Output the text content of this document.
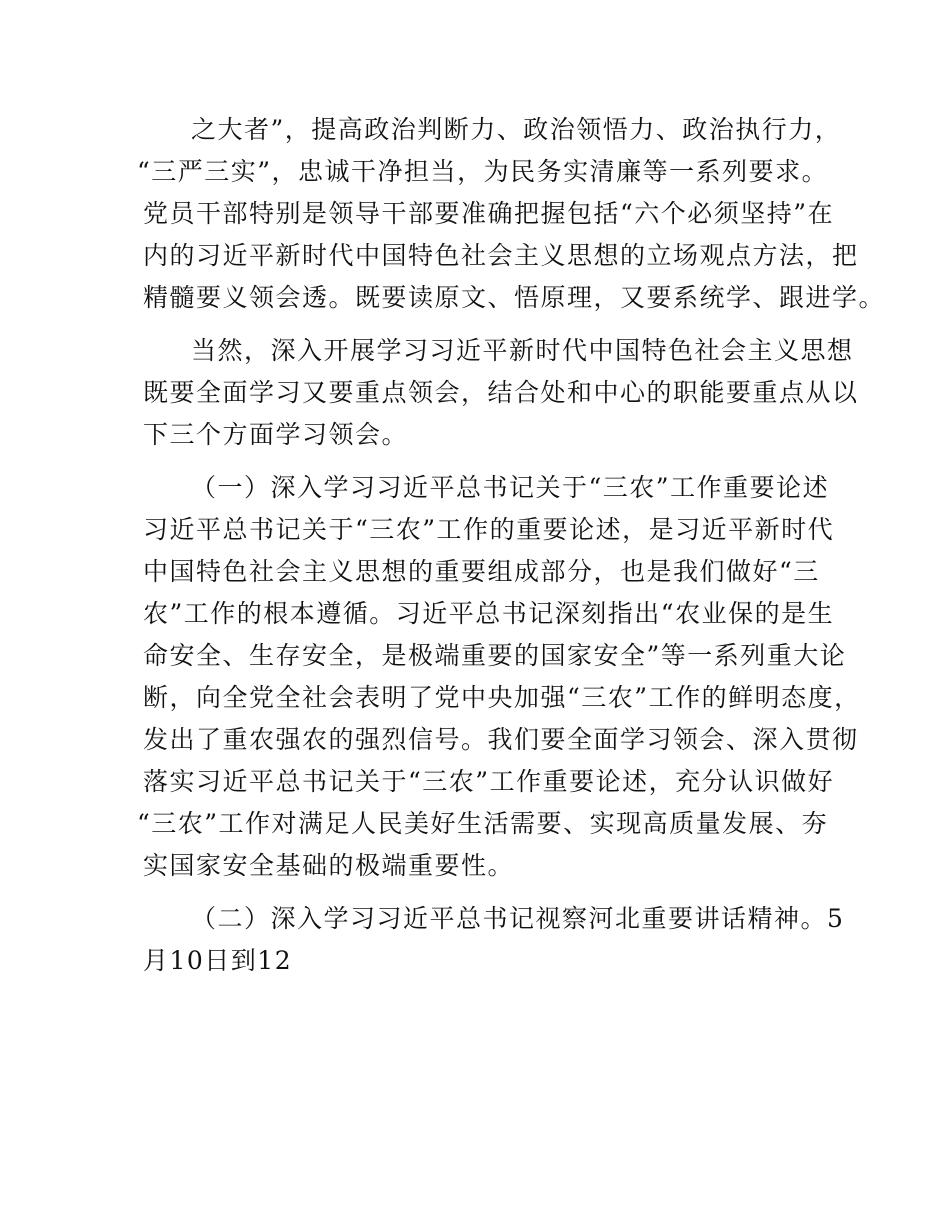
之大者”，提高政治判断力、政治领悟力、政治执行力，
“三严三实”，忠诚干净担当，为民务实清廉等一系列要求。
党员干部特别是领导干部要准确把握包括“六个必须坚持”在
内的习近平新时代中国特色社会主义思想的立场观点方法，把
精髓要义领会透。既要读原文、悟原理，又要系统学、跟进学。
当然，深入开展学习习近平新时代中国特色社会主义思想
既要全面学习又要重点领会，结合处和中心的职能要重点从以
下三个方面学习领会。
（一）深入学习习近平总书记关于“三农”工作重要论述
习近平总书记关于“三农”工作的重要论述，是习近平新时代
中国特色社会主义思想的重要组成部分，也是我们做好“三
农”工作的根本遵循。习近平总书记深刻指出“农业保的是生
命安全、生存安全，是极端重要的国家安全”等一系列重大论
断，向全党全社会表明了党中央加强“三农”工作的鲜明态度，
发出了重农强农的强烈信号。我们要全面学习领会、深入贯彻
落实习近平总书记关于“三农”工作重要论述，充分认识做好
“三农”工作对满足人民美好生活需要、实现高质量发展、夯
实国家安全基础的极端重要性。
（二）深入学习习近平总书记视察河北重要讲话精神。5
月10日到12
